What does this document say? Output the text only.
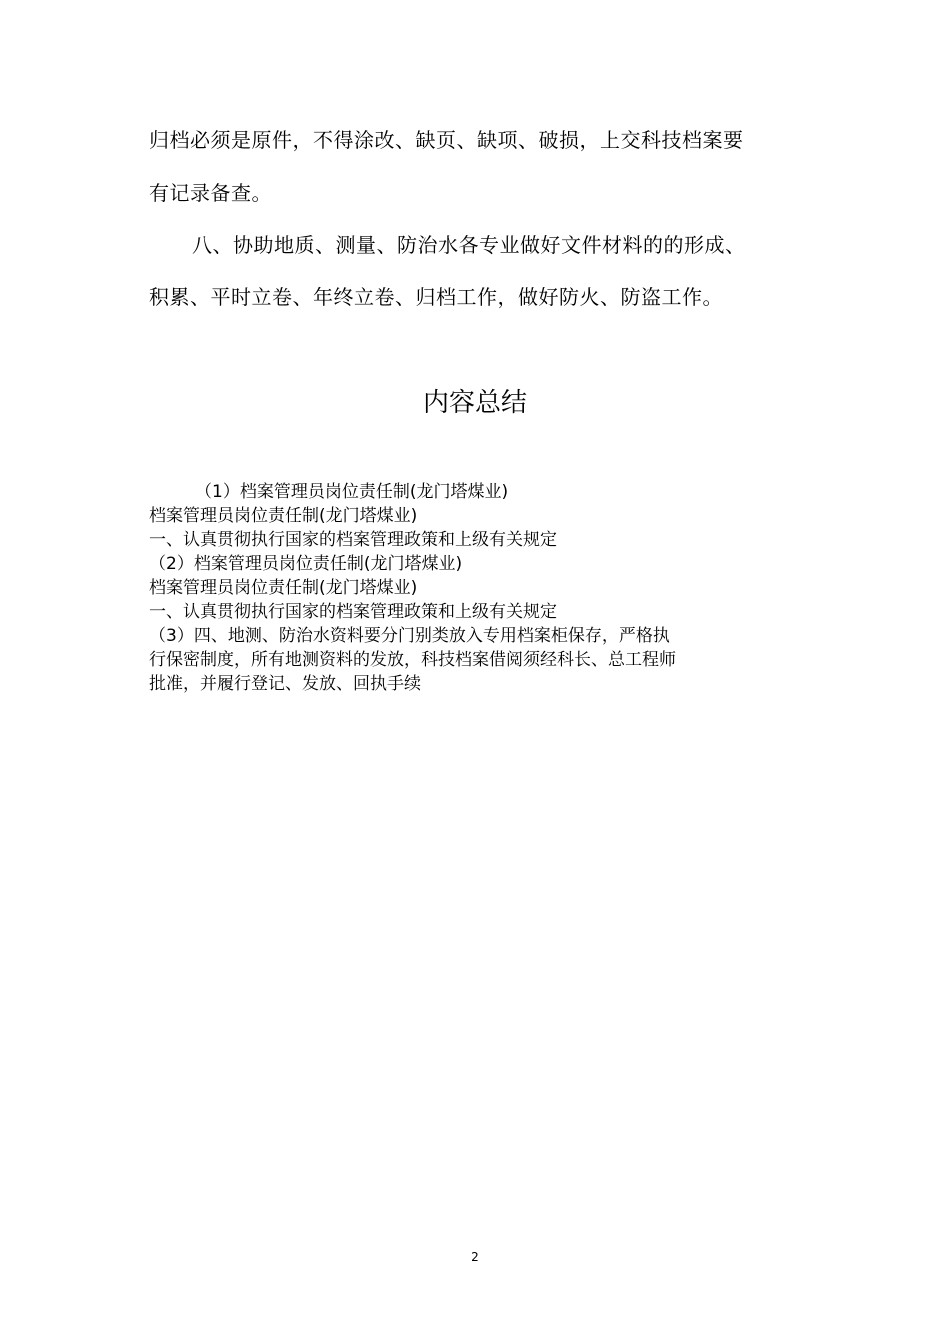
归档必须是原件，不得涂改、缺页、缺项、破损，上交科技档案要
有记录备查。
八、协助地质、测量、防治水各专业做好文件材料的的形成、
积累、平时立卷、年终立卷、归档工作，做好防火、防盗工作。
内容总结
（1）档案管理员岗位责任制(龙门塔煤业)
档案管理员岗位责任制(龙门塔煤业)
一、认真贯彻执行国家的档案管理政策和上级有关规定
（2）档案管理员岗位责任制(龙门塔煤业)
档案管理员岗位责任制(龙门塔煤业)
一、认真贯彻执行国家的档案管理政策和上级有关规定
（3）四、地测、防治水资料要分门别类放入专用档案柜保存，严格执
行保密制度，所有地测资料的发放，科技档案借阅须经科长、总工程师
批准，并履行登记、发放、回执手续
2
